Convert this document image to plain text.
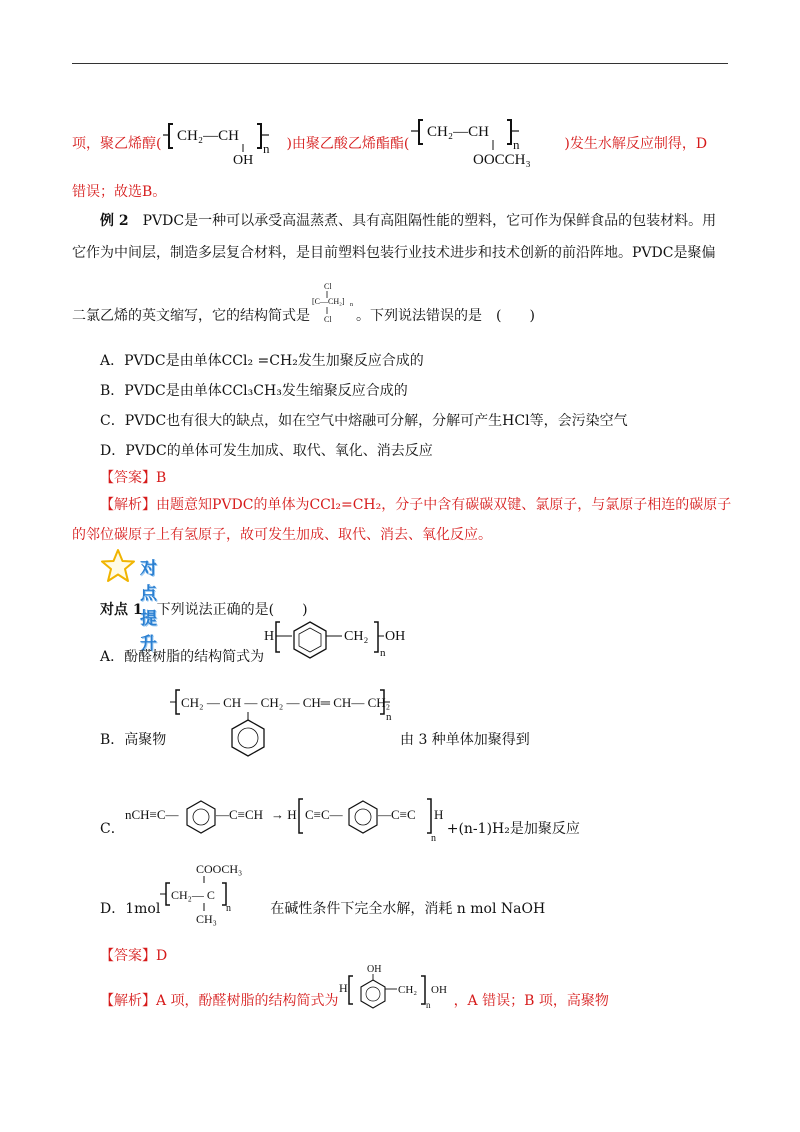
项，聚乙烯醇( CH₂—CH
n
OH
)由聚乙酸乙烯酯酯(
CH₂—CH
n
OOCCH₃
)发生水解反应制得，D
错误；故选B。
例 2　 PVDC是一种可以承受高温蒸煮、具有高阻隔性能的塑料，它可作为保鲜食品的包装材料。用
它作为中间层，制造多层复合材料，是目前塑料包装行业技术进步和技术创新的前沿阵地。PVDC是聚偏
二氯乙烯的英文缩写，它的结构简式是
Cl
[C—CH₂] n
Cl 。下列说法错误的是　(　　)
A．PVDC是由单体CCl₂ =CH₂发生加聚反应合成的
B．PVDC是由单体CCl₃CH₃发生缩聚反应合成的
C．PVDC也有很大的缺点，如在空气中熔融可分解，分解可产生HCl等，会污染空气
D．PVDC的单体可发生加成、取代、氧化、消去反应
【答案】B
【解析】由题意知PVDC的单体为CCl₂=CH₂，分子中含有碳碳双键、氯原子，与氯原子相连的碳原子
的邻位碳原子上有氢原子，故可发生加成、取代、消去、氧化反应。
对点提升
对点 1　 下列说法正确的是(　　)
A．酚醛树脂的结构简式为
H	CH₂
n
OH
CH₂ — CH — CH₂ — CH═ CH— CH₂
n
B．高聚物	由 3 种单体加聚得到
C．
nCH≡C—	—C≡CH → H C≡C—	—C≡C H
n
+(n-1)H₂是加聚反应
D．1mol
COOCH₃
CH₂— C
n
CH₃
在碱性条件下完全水解，消耗 n mol NaOH
【答案】D
【解析】A 项，酚醛树脂的结构简式为
H
OH
CH₂
n
OH
，A 错误；B 项，高聚物
